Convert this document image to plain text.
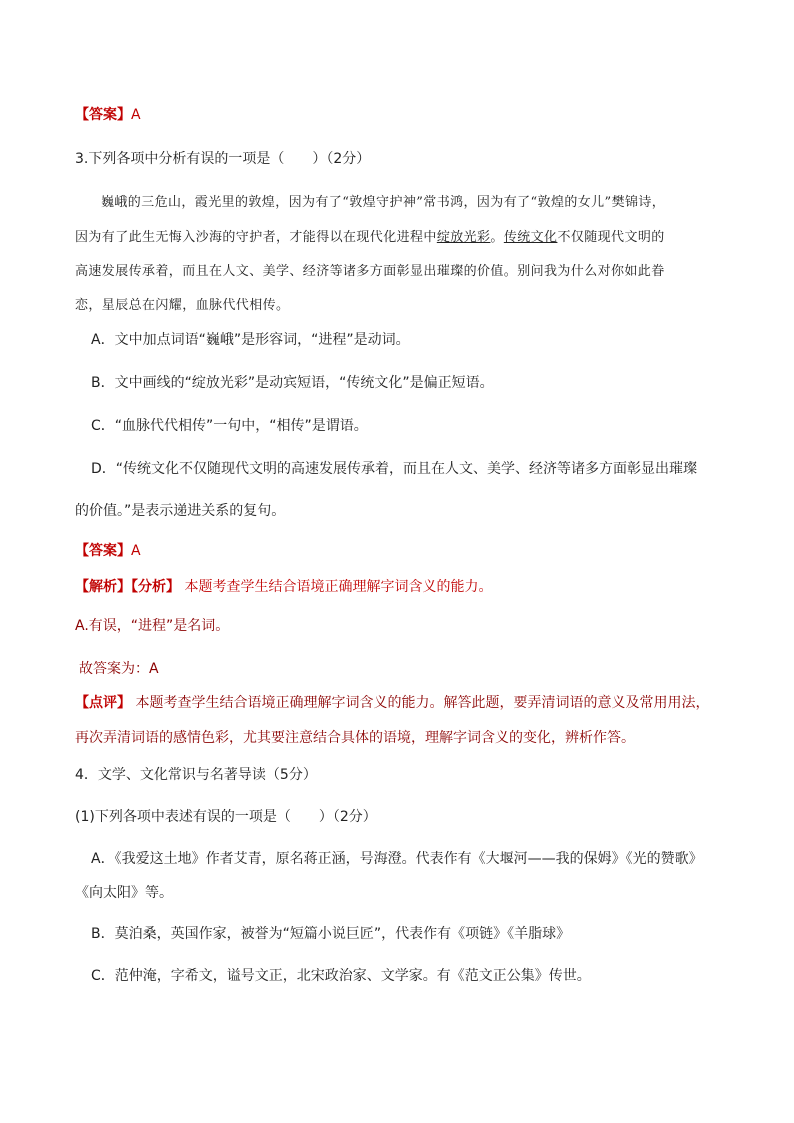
【答案】A
3.下列各项中分析有误的一项是（　　）（2分）
巍峨的三危山，霞光里的敦煌，因为有了“敦煌守护神”常书鸿，因为有了“敦煌的女儿”樊锦诗，
因为有了此生无悔入沙海的守护者，才能得以在现代化进程中绽放光彩。传统文化不仅随现代文明的
高速发展传承着，而且在人文、美学、经济等诸多方面彰显出璀璨的价值。别问我为什么对你如此眷
恋，星辰总在闪耀，血脉代代相传。
A．文中加点词语“巍峨”是形容词，“进程”是动词。
B．文中画线的“绽放光彩”是动宾短语，“传统文化”是偏正短语。
C．“血脉代代相传”一句中，“相传”是谓语。
D．“传统文化不仅随现代文明的高速发展传承着，而且在人文、美学、经济等诸多方面彰显出璀璨
的价值。”是表示递进关系的复句。
【答案】A
【解析】【分析】 本题考查学生结合语境正确理解字词含义的能力。
A.有误，“进程”是名词。
故答案为：A
【点评】 本题考查学生结合语境正确理解字词含义的能力。解答此题，要弄清词语的意义及常用用法，
再次弄清词语的感情色彩，尤其要注意结合具体的语境，理解字词含义的变化，辨析作答。
4．文学、文化常识与名著导读（5分）
(1)下列各项中表述有误的一项是（　　）（2分）
A．《我爱这土地》作者艾青，原名蒋正涵，号海澄。代表作有《大堰河——我的保姆》《光的赞歌》
《向太阳》等。
B．莫泊桑，英国作家，被誉为“短篇小说巨匠”，代表作有《项链》《羊脂球》
C．范仲淹，字希文，谥号文正，北宋政治家、文学家。有《范文正公集》传世。
